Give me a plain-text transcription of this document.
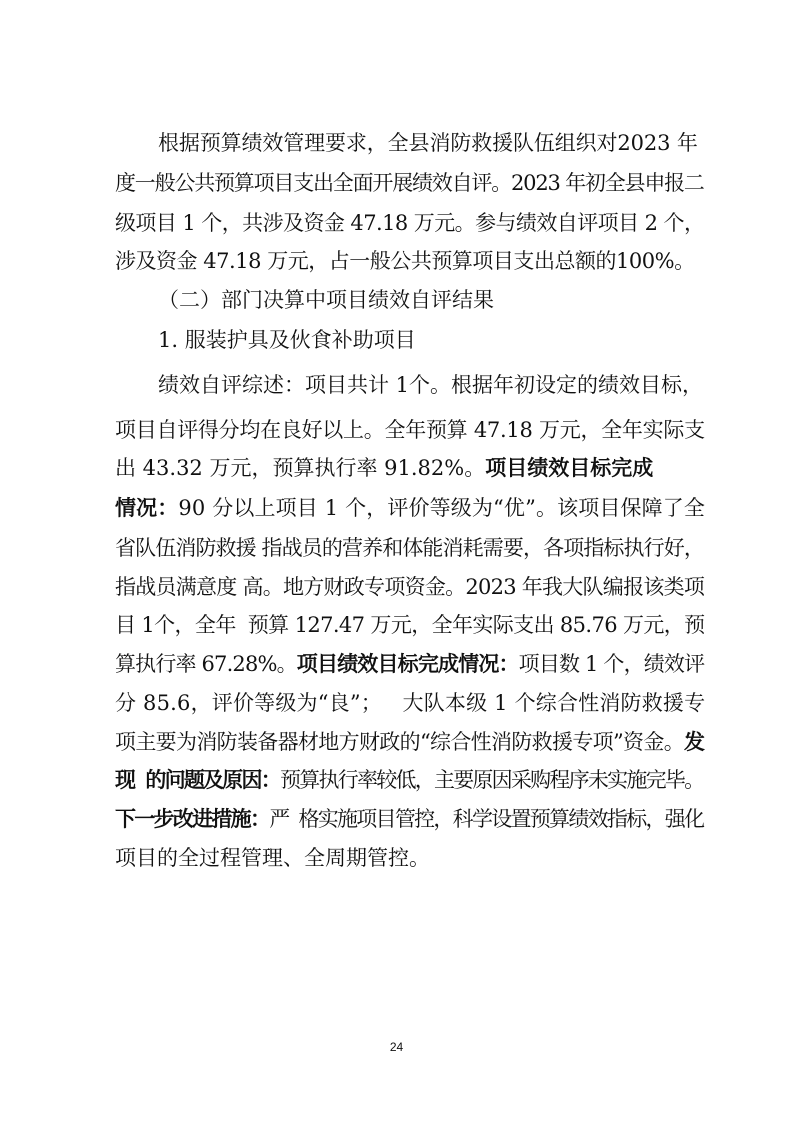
根据预算绩效管理要求，全县消防救援队伍组织对2023 年
度一般公共预算项目支出全面开展绩效自评。2023 年初全县申报二
级项目 1 个，共涉及资金 47.18 万元。参与绩效自评项目 2 个，
涉及资金 47.18 万元，占一般公共预算项目支出总额的100%。
（二）部门决算中项目绩效自评结果
1. 服装护具及伙食补助项目
绩效自评综述：项目共计 1个。根据年初设定的绩效目标，
项目自评得分均在良好以上。全年预算 47.18 万元，全年实际支
出 43.32 万元，预算执行率 91.82%。项目绩效目标完成
情况：90 分以上项目 1 个，评价等级为“优”。该项目保障了全
省队伍消防救援 指战员的营养和体能消耗需要，各项指标执行好，
指战员满意度 高。地方财政专项资金。2023 年我大队编报该类项
目 1个，全年  预算 127.47 万元，全年实际支出 85.76 万元，预
算执行率 67.28%。项目绩效目标完成情况：项目数 1 个，绩效评
分 85.6，评价等级为“良”；   大队本级 1 个综合性消防救援专
项主要为消防装备器材地方财政的“综合性消防救援专项”资金。发
现  的问题及原因：预算执行率较低，主要原因采购程序未实施完毕。
下一步改进措施：严  格实施项目管控，科学设置预算绩效指标，强化
项目的全过程管理、全周期管控。
24
